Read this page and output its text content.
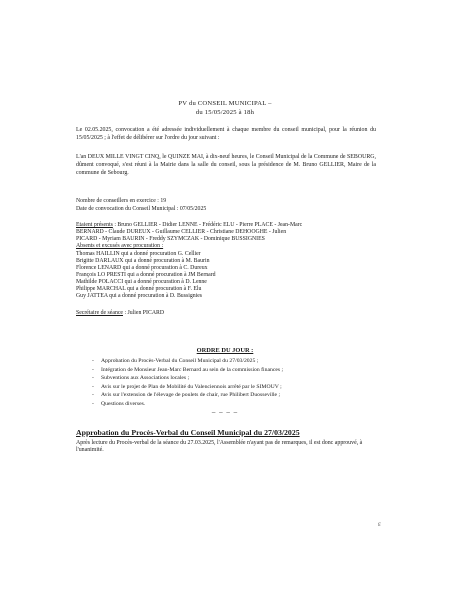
PV du CONSEIL MUNICIPAL –
du 15/05/2025 à 18h
Le 02.05.2025, convocation a été adressée individuellement à chaque membre du conseil municipal, pour la réunion du 15/05/2025 ; à l'effet de délibérer sur l'ordre du jour suivant :
L'an DEUX MILLE VINGT CINQ, le QUINZE MAI, à dix-neuf heures, le Conseil Municipal de la Commune de SEBOURG, dûment convoqué, s'est réuni à la Mairie dans la salle du conseil, sous la présidence de M. Bruno GELLIER, Maire de la commune de Sebourg.
Nombre de conseillers en exercice : 19
Date de convocation du Conseil Municipal : 07/05/2025
Etaient présents : Bruno GELLIER - Didier LENNE - Frédéric ELU - Pierre PLACE - Jean-Marc
BERNARD - Claude DUREUX - Guillaume CELLIER - Christiane DEHOOGHE - Julien
PICARD - Myriam BAURIN - Freddy SZYMCZAK - Dominique BUSSIGNIES
Absents et excusés avec procuration :
Thomas HAILLIN qui a donné procuration G. Cellier
Brigitte DARLAUX qui a donné procuration à M. Baurin
Florence LENARD qui a donné procuration à C. Dureux
François LO PRESTI qui a donné procuration à JM Bernard
Mathilde POLACCI qui a donné procuration à D. Lenne
Philippe MARCHAL qui a donné procuration à F. Elu
Guy JATTEA qui a donné procuration à D. Bussignies
Secrétaire de séance : Julien PICARD
ORDRE DU JOUR :
- Approbation du Procès-Verbal du Conseil Municipal du 27/03/2025 ;
- Intégration de Monsieur Jean-Marc Bernard au sein de la commission finances ;
- Subventions aux Associations locales ;
- Avis sur le projet de Plan de Mobilité du Valenciennois arrêté par le SIMOUV ;
- Avis sur l'extension de l'élevage de poulets de chair, rue Philibert Duosseville ;
- Questions diverses.
– – – –
Approbation du Procès-Verbal du Conseil Municipal du 27/03/2025
Après lecture du Procès-verbal de la séance du 27.03.2025, l'Assemblée n'ayant pas de remarques, il est donc approuvé, à l'unanimité.
ε
